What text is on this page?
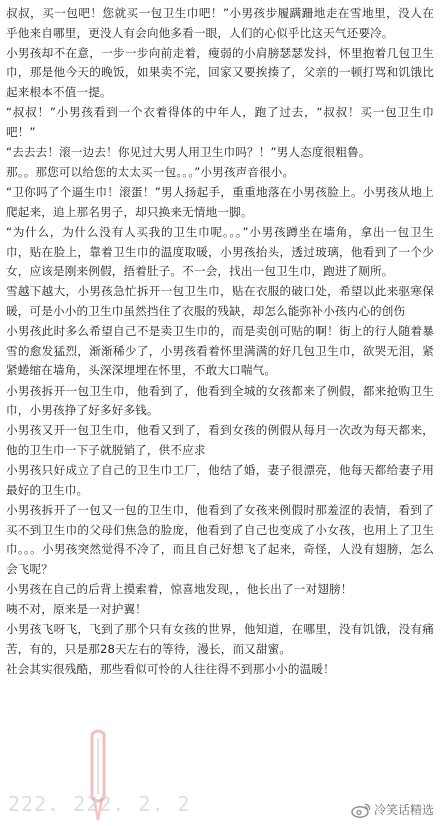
叔叔，买一包吧！您就买一包卫生巾吧！”小男孩步履蹒跚地走在雪地里，没人在乎他来自哪里，更没人有会向他多看一眼，人们的心似乎比这天气还要冷。

小男孩却不在意，一步一步向前走着，瘦弱的小肩膀瑟瑟发抖，怀里抱着几包卫生巾，那是他今天的晚饭，如果卖不完，回家又要挨揍了，父亲的一顿打骂和饥饿比起来根本不值一提。

“叔叔！”小男孩看到一个衣着得体的中年人，跑了过去，“叔叔！买一包卫生巾吧！”

“去去去！滚一边去！你见过大男人用卫生巾吗？！”男人态度很粗鲁。

那。。那您可以给您的太太买一包。。。”小男孩声音很小。

“卫你吗了个逼生巾！滚蛋！”男人扬起手，重重地落在小男孩脸上。小男孩从地上爬起来，追上那名男子，却只换来无情地一脚。

“为什么，为什么没有人买我的卫生巾呢。。。”小男孩蹲坐在墙角，拿出一包卫生巾，贴在脸上，靠着卫生巾的温度取暖，小男孩抬头，透过玻璃，他看到了一个少女，应该是刚来例假，捂着肚子。不一会，找出一包卫生巾，跑进了厕所。

雪越下越大，小男孩急忙拆开一包卫生巾，贴在衣服的破口处，希望以此来驱寒保暖，可是小小的卫生巾虽然挡住了衣服的残缺，却怎么能弥补小孩内心的创伤

小男孩此时多么希望自己不是卖卫生巾的，而是卖创可贴的啊！街上的行人随着暴雪的愈发猛烈，渐渐稀少了，小男孩看着怀里满满的好几包卫生巾，欲哭无泪，紧紧蜷缩在墙角，头深深埋埋在怀里，不敢大口喘气。

小男孩拆开一包卫生巾，他看到了，他看到全城的女孩都来了例假，都来抢购卫生巾，小男孩挣了好多好多钱。

小男孩又开一包卫生巾，他看又到了，看到女孩的例假从每月一次改为每天都来，他的卫生巾一下子就脱销了，供不应求

小男孩只好成立了自己的卫生巾工厂，他结了婚，妻子很漂亮，他每天都给妻子用最好的卫生巾。

小男孩拆开了一包又一包的卫生巾，他看到了女孩来例假时那羞涩的表情，看到了买不到卫生巾的父母们焦急的脸庞，他看到了自己也变成了小女孩，也用上了卫生巾。。。小男孩突然觉得不冷了，而且自己好想飞了起来，奇怪，人没有翅膀，怎么会飞呢？

小男孩在自己的后背上摸索着，惊喜地发现，，他长出了一对翅膀！

咦不对，原来是一对护翼！

小男孩飞呀飞，飞到了那个只有女孩的世界，他知道，在哪里，没有饥饿，没有痛苦，有的，只是那28天左右的等待，漫长，而又甜蜜。

社会其实很残酷，那些看似可怜的人往往得不到那小小的温暖！

222. 222. 2. 2	冷笑话精选
